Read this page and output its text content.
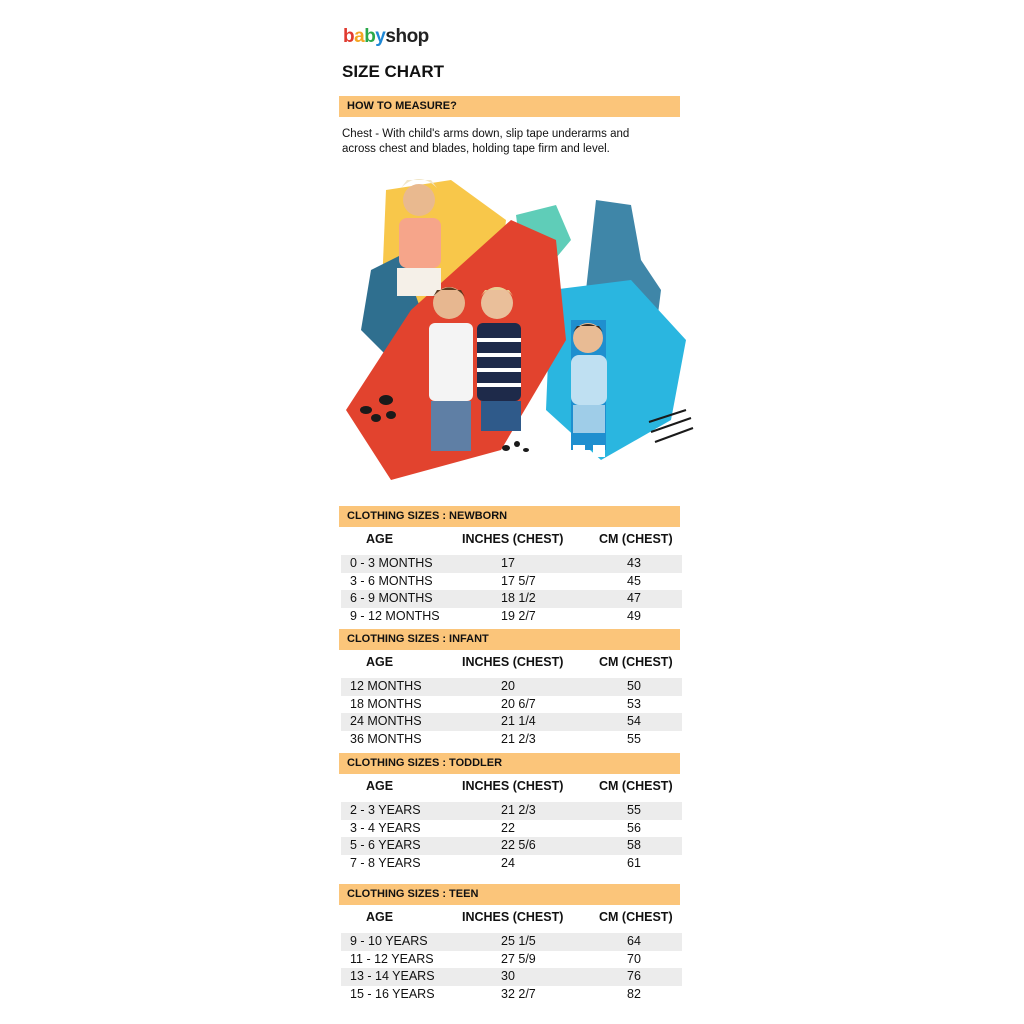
babyshop
SIZE CHART
HOW TO MEASURE?
Chest - With child's arms down, slip tape underarms and
across chest and blades, holding tape firm and level.
CLOTHING SIZES : NEWBORN
AGE	INCHES (CHEST)	CM (CHEST)
0 - 3 MONTHS	17	43
3 - 6 MONTHS	17 5/7	45
6 - 9 MONTHS	18 1/2	47
9 - 12 MONTHS	19 2/7	49
CLOTHING SIZES : INFANT
AGE	INCHES (CHEST)	CM (CHEST)
12 MONTHS	20	50
18 MONTHS	20 6/7	53
24 MONTHS	21 1/4	54
36 MONTHS	21 2/3	55
CLOTHING SIZES : TODDLER
AGE	INCHES (CHEST)	CM (CHEST)
2 - 3 YEARS	21 2/3	55
3 - 4 YEARS	22	56
5 - 6 YEARS	22 5/6	58
7 - 8 YEARS	24	61
CLOTHING SIZES : TEEN
AGE	INCHES (CHEST)	CM (CHEST)
9 - 10 YEARS	25 1/5	64
11 - 12 YEARS	27 5/9	70
13 - 14 YEARS	30	76
15 - 16 YEARS	32 2/7	82
